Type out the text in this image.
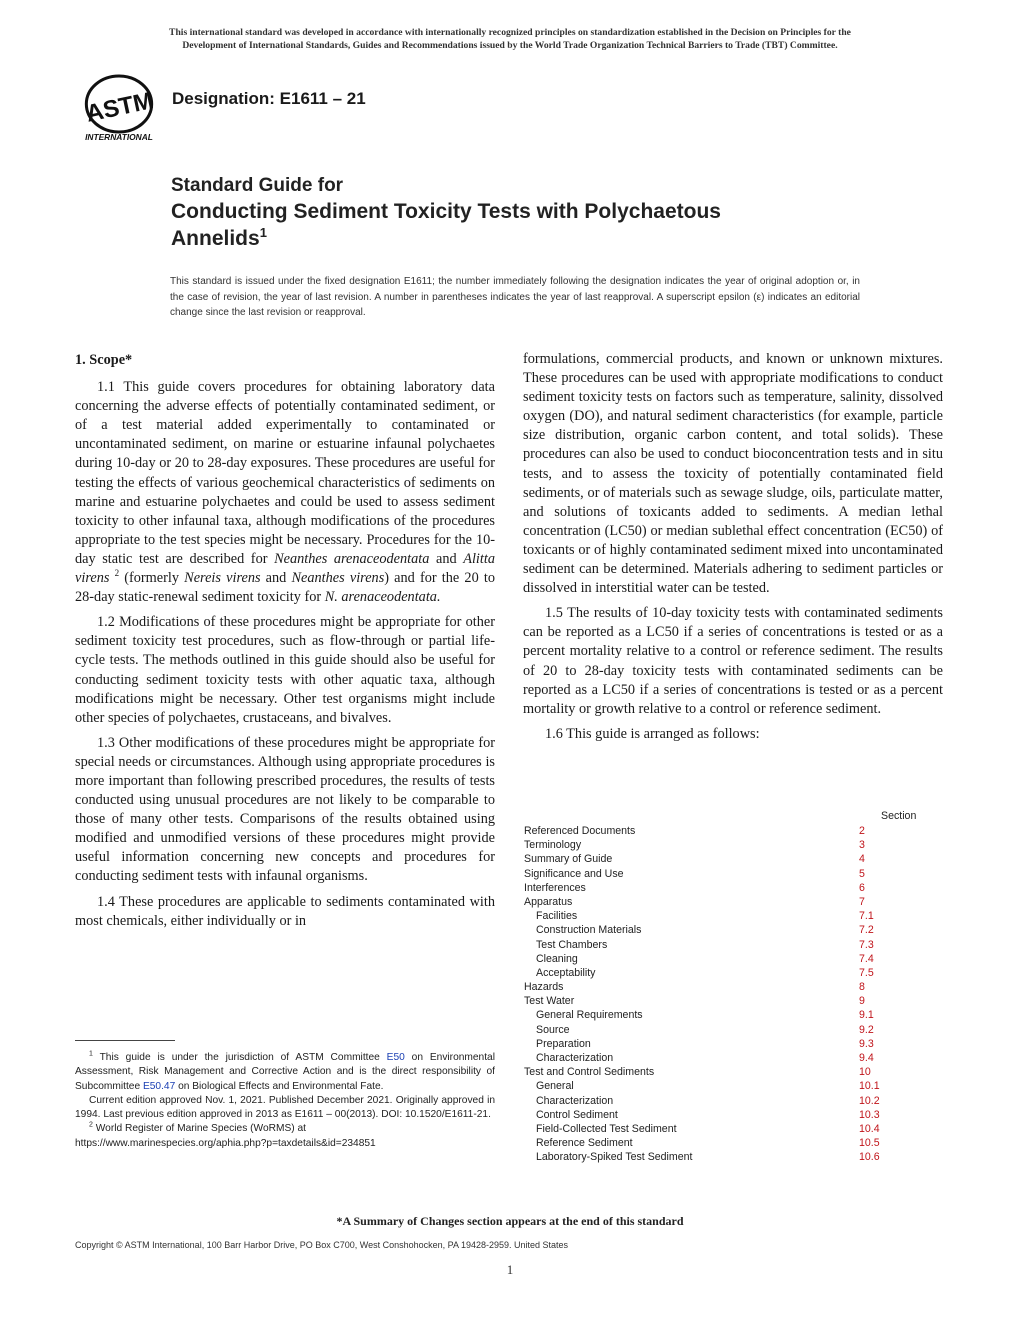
This international standard was developed in accordance with internationally recognized principles on standardization established in the Decision on Principles for the
Development of International Standards, Guides and Recommendations issued by the World Trade Organization Technical Barriers to Trade (TBT) Committee.
ASTM
INTERNATIONAL
Designation: E1611 – 21
Standard Guide for
Conducting Sediment Toxicity Tests with Polychaetous
Annelids$^1$
This standard is issued under the fixed designation E1611; the number immediately following the designation indicates the year of original adoption or, in the case of revision, the year of last revision. A number in parentheses indicates the year of last reapproval. A superscript epsilon (ε) indicates an editorial change since the last revision or reapproval.
1. Scope*

1.1 This guide covers procedures for obtaining laboratory data concerning the adverse effects of potentially contaminated sediment, or of a test material added experimentally to contaminated or uncontaminated sediment, on marine or estuarine infaunal polychaetes during 10-day or 20 to 28-day exposures. These procedures are useful for testing the effects of various geochemical characteristics of sediments on marine and estuarine polychaetes and could be used to assess sediment toxicity to other infaunal taxa, although modifications of the procedures appropriate to the test species might be necessary. Procedures for the 10-day static test are described for Neanthes arenaceodentata and Alitta virens $^2$ (formerly Nereis virens and Neanthes virens) and for the 20 to 28-day static-renewal sediment toxicity for N. arenaceodentata.

1.2 Modifications of these procedures might be appropriate for other sediment toxicity test procedures, such as flow-through or partial life-cycle tests. The methods outlined in this guide should also be useful for conducting sediment toxicity tests with other aquatic taxa, although modifications might be necessary. Other test organisms might include other species of polychaetes, crustaceans, and bivalves.

1.3 Other modifications of these procedures might be appropriate for special needs or circumstances. Although using appropriate procedures is more important than following prescribed procedures, the results of tests conducted using unusual procedures are not likely to be comparable to those of many other tests. Comparisons of the results obtained using modified and unmodified versions of these procedures might provide useful information concerning new concepts and procedures for conducting sediment tests with infaunal organisms.

1.4 These procedures are applicable to sediments contaminated with most chemicals, either individually or in

formulations, commercial products, and known or unknown mixtures. These procedures can be used with appropriate modifications to conduct sediment toxicity tests on factors such as temperature, salinity, dissolved oxygen (DO), and natural sediment characteristics (for example, particle size distribution, organic carbon content, and total solids). These procedures can also be used to conduct bioconcentration tests and in situ tests, and to assess the toxicity of potentially contaminated field sediments, or of materials such as sewage sludge, oils, particulate matter, and solutions of toxicants added to sediments. A median lethal concentration (LC50) or median sublethal effect concentration (EC50) of toxicants or of highly contaminated sediment mixed into uncontaminated sediment can be determined. Materials adhering to sediment particles or dissolved in interstitial water can be tested.

1.5 The results of 10-day toxicity tests with contaminated sediments can be reported as a LC50 if a series of concentrations is tested or as a percent mortality relative to a control or reference sediment. The results of 20 to 28-day toxicity tests with contaminated sediments can be reported as a LC50 if a series of concentrations is tested or as a percent mortality or growth relative to a control or reference sediment.

1.6 This guide is arranged as follows:

Section
Referenced Documents	2
Terminology	3
Summary of Guide	4
Significance and Use	5
Interferences	6
Apparatus	7
Facilities	7.1
Construction Materials	7.2
Test Chambers	7.3
Cleaning	7.4
Acceptability	7.5
Hazards	8
Test Water	9
General Requirements	9.1
Source	9.2
Preparation	9.3
Characterization	9.4
Test and Control Sediments	10
General	10.1
Characterization	10.2
Control Sediment	10.3
Field-Collected Test Sediment	10.4
Reference Sediment	10.5
Laboratory-Spiked Test Sediment	10.6

$^1$ This guide is under the jurisdiction of ASTM Committee E50 on Environmental Assessment, Risk Management and Corrective Action and is the direct responsibility of Subcommittee E50.47 on Biological Effects and Environmental Fate.

Current edition approved Nov. 1, 2021. Published December 2021. Originally approved in 1994. Last previous edition approved in 2013 as E1611 – 00(2013). DOI: 10.1520/E1611-21.

$^2$ World Register of Marine Species (WoRMS) at

https://www.marinespecies.org/aphia.php?p=taxdetails&id=234851
*A Summary of Changes section appears at the end of this standard
Copyright © ASTM International, 100 Barr Harbor Drive, PO Box C700, West Conshohocken, PA 19428-2959. United States
1
